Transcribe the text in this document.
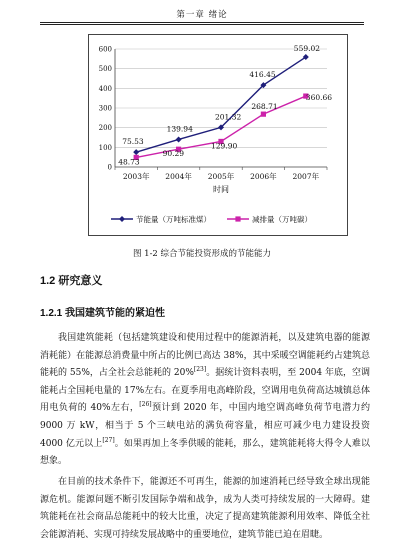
第一章 绪论
0
100
200
300
400
500
600
2003年 2004年 2005年 2006年 2007年
时间
75.53
139.94
201.32
416.45
559.02
48.73
90.29
129.90
268.71
360.66
节能量（万吨标准煤）	减排量（万吨碳）
图 1-2 综合节能投资形成的节能能力
1.2 研究意义
1.2.1 我国建筑节能的紧迫性

我国建筑能耗（包括建筑建设和使用过程中的能源消耗，以及建筑电器的能源消耗能）在能源总消费量中所占的比例已高达 38%，其中采暖空调能耗约占建筑总能耗的 55%，占全社会总能耗的 20%[23]。据统计资料表明，至 2004 年底，空调能耗占全国耗电量的 17%左右。在夏季用电高峰阶段，空调用电负荷高达城镇总体用电负荷的 40%左右，[26]预计到 2020 年，中国内地空调高峰负荷节电潜力约 9000 万 kW，相当于 5 个三峡电站的满负荷容量，相应可减少电力建设投资 4000 亿元以上[27]。如果再加上冬季供暖的能耗，那么，建筑能耗将大得令人难以想象。

在目前的技术条件下，能源还不可再生，能源的加速消耗已经导致全球出现能源危机。能源问题不断引发国际争端和战争，成为人类可持续发展的一大障碍。建筑能耗在社会商品总能耗中的较大比重，决定了提高建筑能源利用效率、降低全社会能源消耗、实现可持续发展战略中的重要地位，建筑节能已迫在眉睫。
